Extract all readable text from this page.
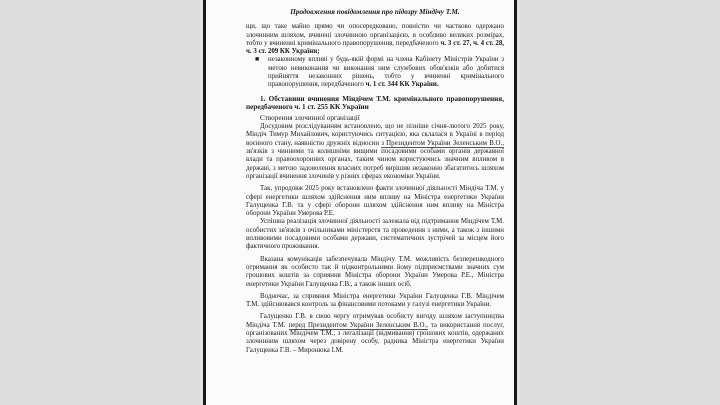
Продовження повідомлення про підозру Міндічу Т.М.

щи, що таке майно прямо чи опосередковано, повністю чи частково одержано злочинним шляхом, вчинені злочинною організацією, в особливо великих розмірах, тобто у вчиненні кримінального правопорушення, передбаченого ч. 3 ст. 27, ч. 4 ст. 28, ч. 3 ст. 209 КК України;

■ незаконному впливі у будь-якій формі на члена Кабінету Міністрів України з метою невиконання чи виконання ним службових обов'язків або добитися прийняття незаконних рішень, тобто у вчиненні кримінального правопорушення, передбаченого ч. 1 ст. 344 КК України.

1. Обставини вчинення Міндічем Т.М. кримінального правопорушення, передбаченого ч. 1 ст. 255 КК України

Створення злочинної організації

Досудовим розслідуванням встановлено, що не пізніше січня-лютого 2025 року, Міндіч Тимур Михайлович, користуючись ситуацією, яка склалася в Україні в період воєнного стану, наявністю дружніх відносин з Президентом України Зеленським В.О., зв'язків з чинними та колишніми вищими посадовими особами органів державної влади та правоохоронних органах, таким чином користуючись значним впливом в державі, з метою задоволення власних потреб вирішив незаконно збагатитись шляхом організації вчинення злочинів у різних сферах економіки України.

Так, упродовж 2025 року встановлено факти злочинної діяльності Міндіча Т.М. у сфері енергетики шляхом здійснення ним впливу на Міністра енергетики України Галущенка Г.В. та у сфері оборони шляхом здійснення ним впливу на Міністра оборони України Умерова Р.Е.

Успішна реалізація злочинної діяльності залежала від підтримання Міндічем Т.М. особистих зв'язків з очільниками міністерств та проведення з ними, а також з іншими впливовими посадовими особами держави, систематичних зустрічей за місцем його фактичного проживання.

Вказана комунікація забезпечувала Міндічу Т.М. можливість безперешкодного отримання як особисто так й підконтрольними йому підприємствами значних сум грошових коштів за сприяння Міністра оборони України Умерова Р.Е., Міністра енергетики України Галущенка Г.В., а також інших осіб.

Водночас, за сприяння Міністра енергетики України Галущенка Г.В. Міндічем Т.М. здійснювався контроль за фінансовими потоками у галузі енергетики України.

Галущенко Г.В. в свою чергу отримував особисту вигоду шляхом заступництва Міндіча Т.М. перед Президентом України Зеленським В.О., та використання послуг, організованих Міндічем Т.М., з легалізації (відмивання) грошових коштів, одержаних злочинним шляхом через довірену особу, радника Міністра енергетики України Галущенка Г.В. – Миронюка І.М.
